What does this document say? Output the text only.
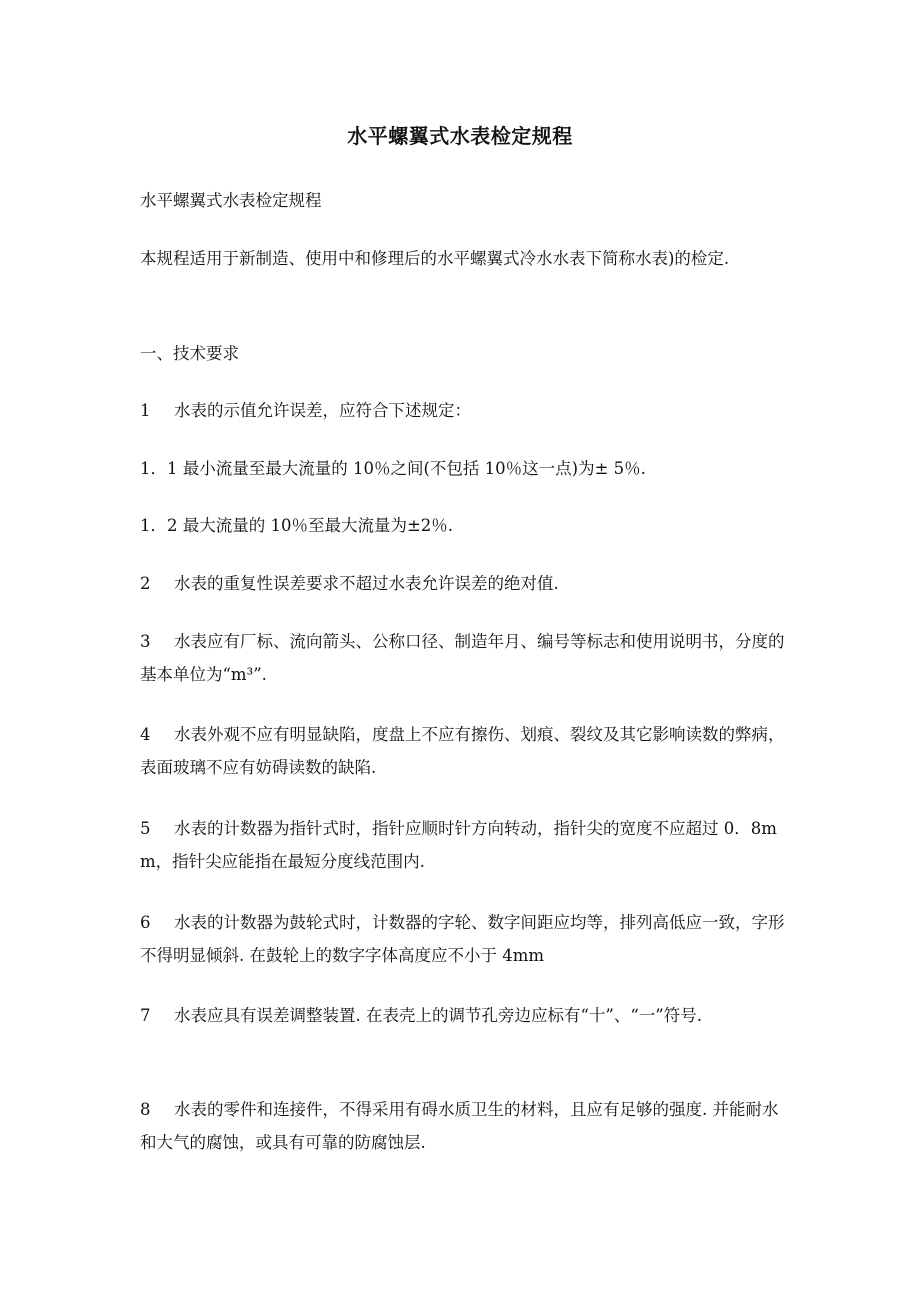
水平螺翼式水表检定规程

水平螺翼式水表检定规程

本规程适用于新制造、使用中和修理后的水平螺翼式冷水水表下简称水表)的检定.

一、技术要求

1 水表的示值允许误差，应符合下述规定：

1．1 最小流量至最大流量的 10％之间(不包括 10％这一点)为± 5％.

1．2 最大流量的 10％至最大流量为±2％.

2 水表的重复性误差要求不超过水表允许误差的绝对值.

3 水表应有厂标、流向箭头、公称口径、制造年月、编号等标志和使用说明书，分度的基本单位为“m³”.

4 水表外观不应有明显缺陷，度盘上不应有擦伤、划痕、裂纹及其它影响读数的弊病，表面玻璃不应有妨碍读数的缺陷.

5 水表的计数器为指针式时，指针应顺时针方向转动，指针尖的宽度不应超过 0．8mm，指针尖应能指在最短分度线范围内.

6 水表的计数器为鼓轮式时，计数器的字轮、数字间距应均等，排列高低应一致，字形不得明显倾斜. 在鼓轮上的数字字体高度应不小于 4mm

7 水表应具有误差调整装置. 在表壳上的调节孔旁边应标有“十”、“一”符号.

8 水表的零件和连接件，不得采用有碍水质卫生的材料，且应有足够的强度. 并能耐水和大气的腐蚀，或具有可靠的防腐蚀层.
